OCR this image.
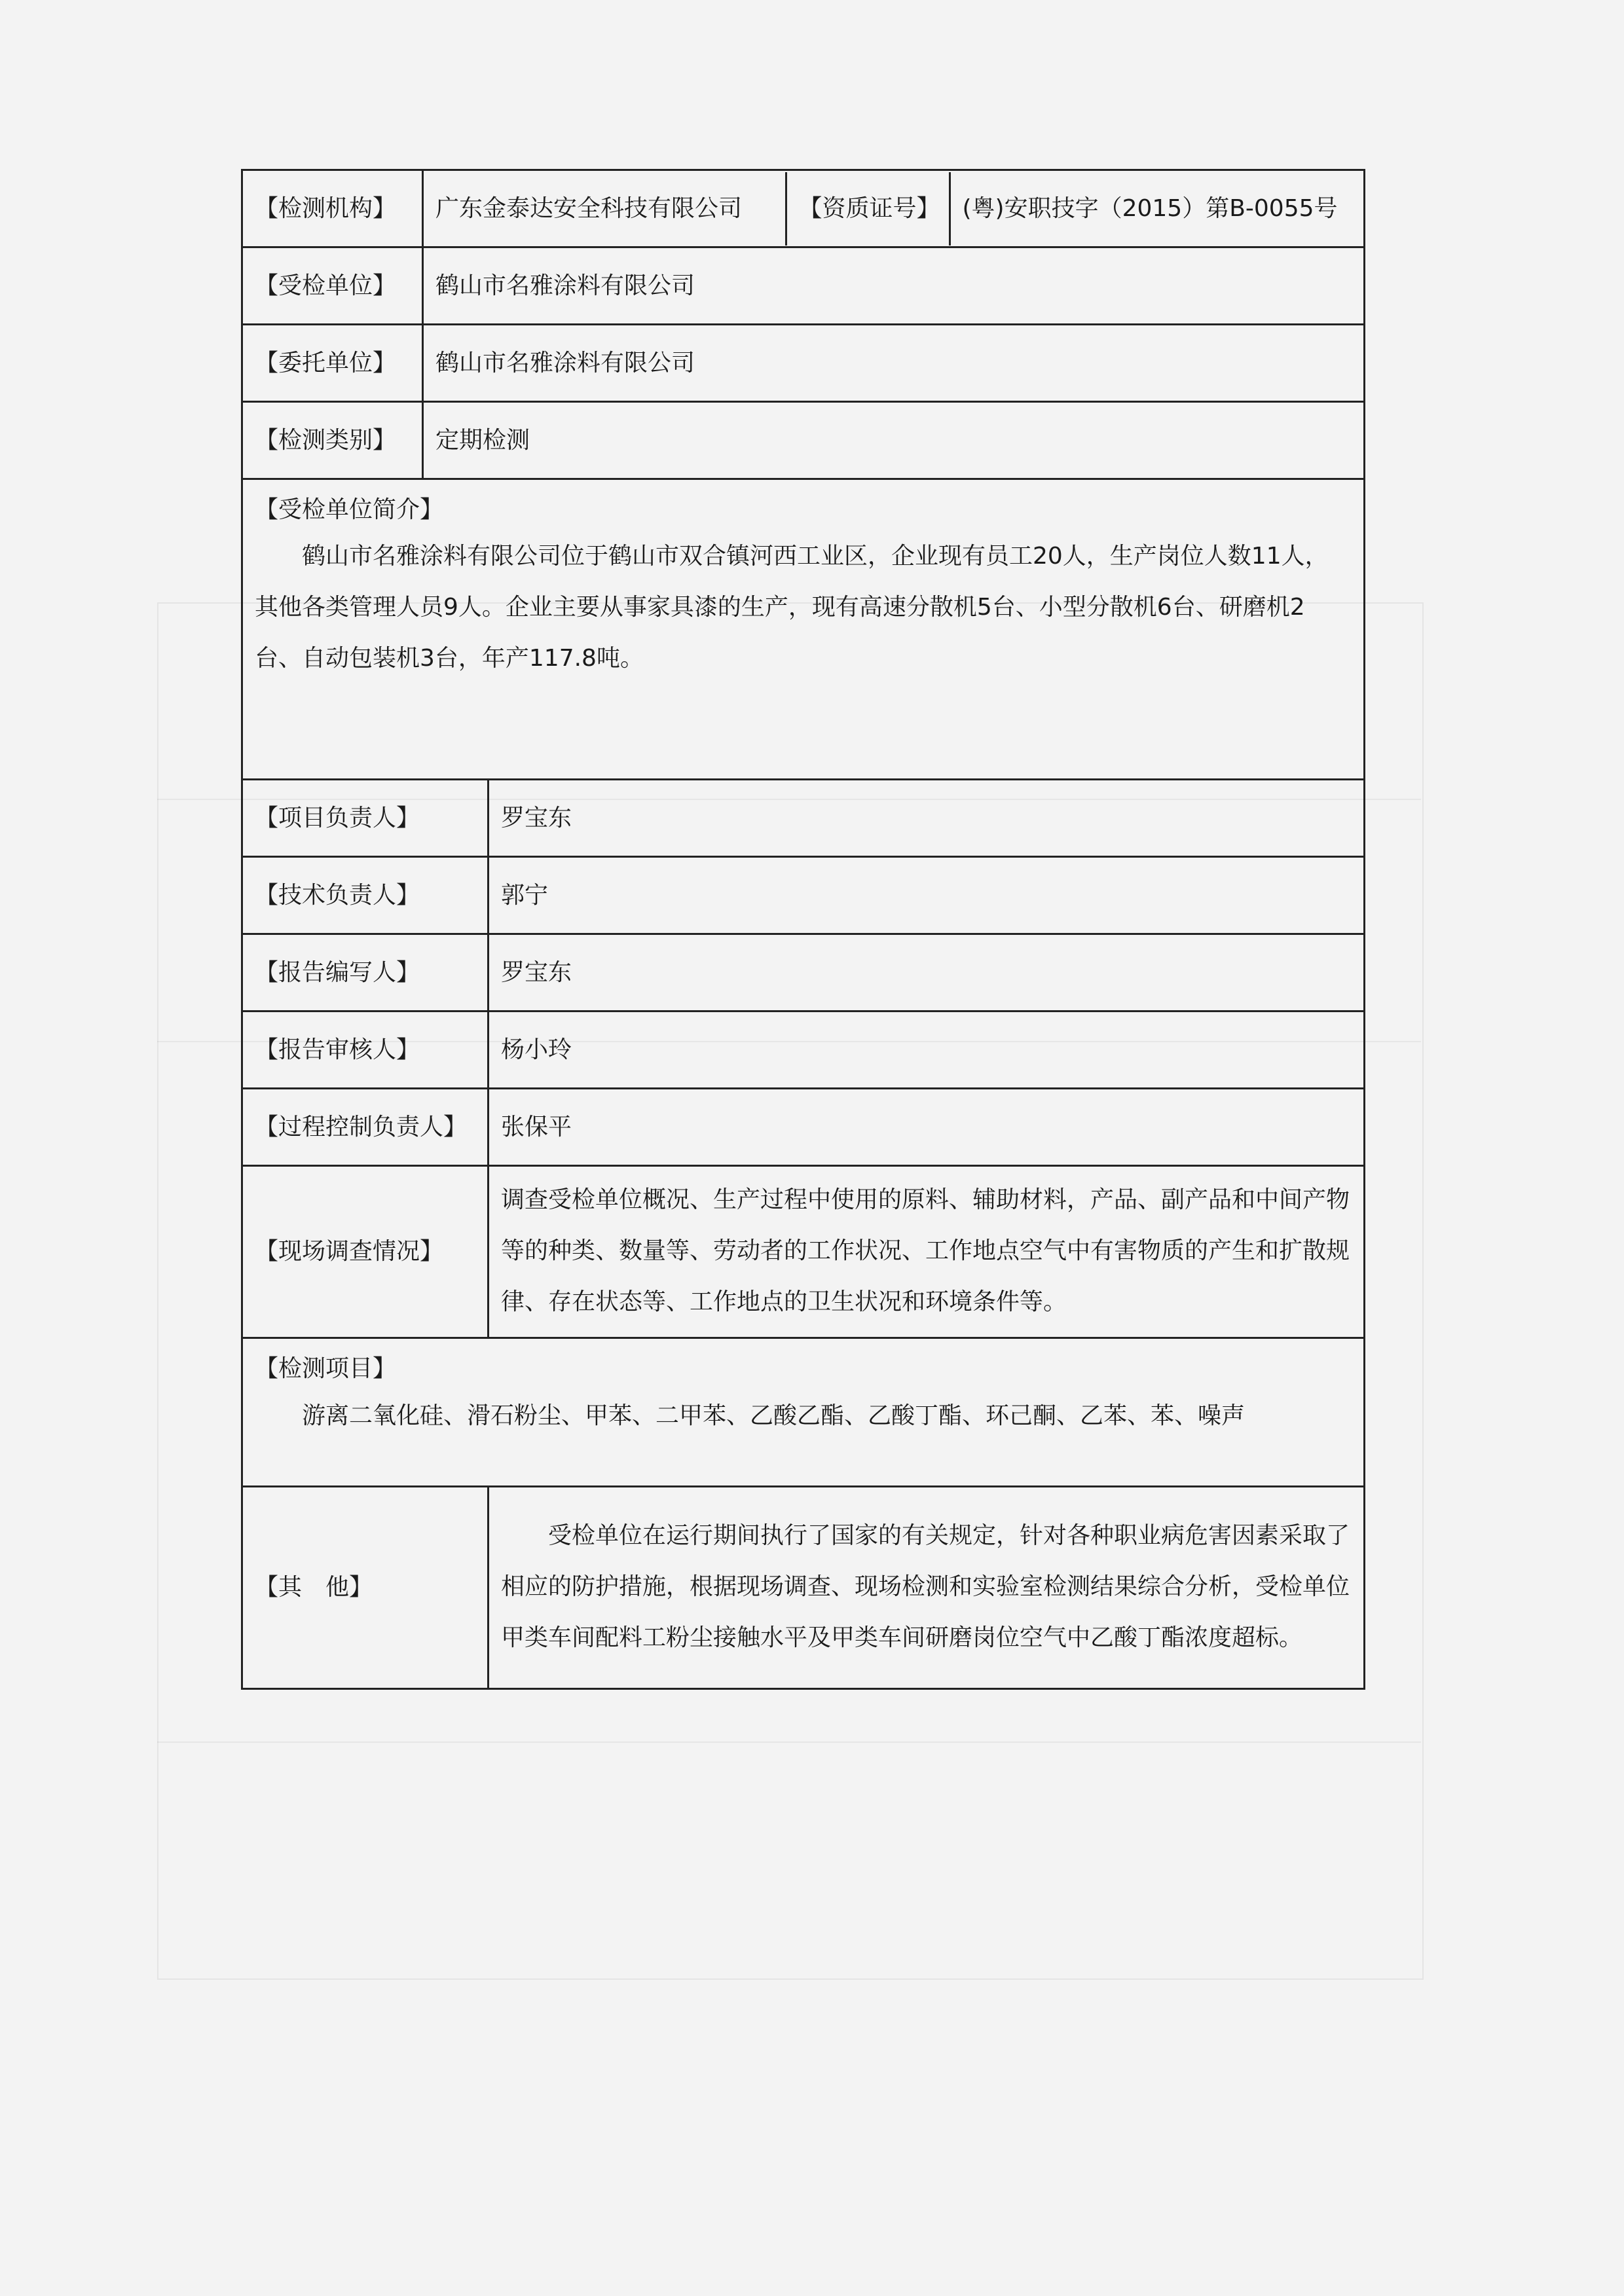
【检测机构】	广东金泰达安全科技有限公司	【资质证号】	(粤)安职技字（2015）第B-0055号

【受检单位】	鹤山市名雅涂料有限公司
【委托单位】	鹤山市名雅涂料有限公司
【检测类别】	定期检测

【受检单位简介】
鹤山市名雅涂料有限公司位于鹤山市双合镇河西工业区，企业现有员工20人，生产岗位人数11人，其他各类管理人员9人。企业主要从事家具漆的生产，现有高速分散机5台、小型分散机6台、研磨机2台、自动包装机3台，年产117.8吨。

【项目负责人】	罗宝东
【技术负责人】	郭宁
【报告编写人】	罗宝东
【报告审核人】	杨小玲
【过程控制负责人】	张保平
【现场调查情况】	调查受检单位概况、生产过程中使用的原料、辅助材料，产品、副产品和中间产物等的种类、数量等、劳动者的工作状况、工作地点空气中有害物质的产生和扩散规律、存在状态等、工作地点的卫生状况和环境条件等。

【检测项目】
游离二氧化硅、滑石粉尘、甲苯、二甲苯、乙酸乙酯、乙酸丁酯、环己酮、乙苯、苯、噪声

【其　他】	受检单位在运行期间执行了国家的有关规定，针对各种职业病危害因素采取了相应的防护措施，根据现场调查、现场检测和实验室检测结果综合分析，受检单位甲类车间配料工粉尘接触水平及甲类车间研磨岗位空气中乙酸丁酯浓度超标。
